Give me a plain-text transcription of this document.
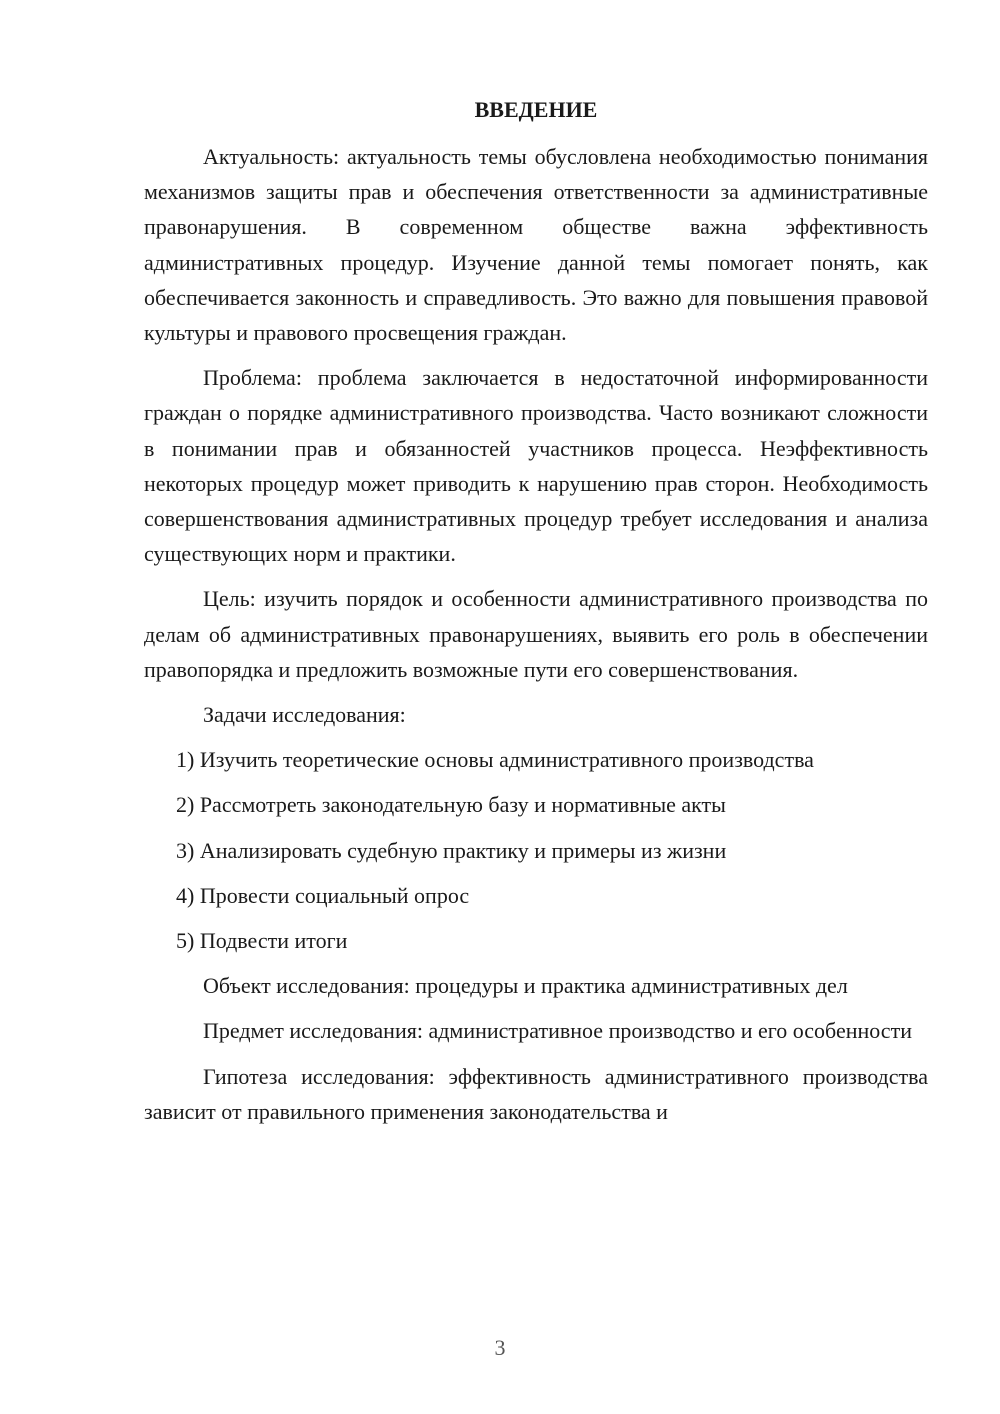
ВВЕДЕНИЕ

Актуальность: актуальность темы обусловлена необходимостью понимания механизмов защиты прав и обеспечения ответственности за административные правонарушения. В современном обществе важна эффективность административных процедур. Изучение данной темы помогает понять, как обеспечивается законность и справедливость. Это важно для повышения правовой культуры и правового просвещения граждан.

Проблема: проблема заключается в недостаточной информированности граждан о порядке административного производства. Часто возникают сложности в понимании прав и обязанностей участников процесса. Неэффективность некоторых процедур может приводить к нарушению прав сторон. Необходимость совершенствования административных процедур требует исследования и анализа существующих норм и практики.

Цель: изучить порядок и особенности административного производства по делам об административных правонарушениях, выявить его роль в обеспечении правопорядка и предложить возможные пути его совершенствования.

Задачи исследования:

1) Изучить теоретические основы административного производства
2) Рассмотреть законодательную базу и нормативные акты
3) Анализировать судебную практику и примеры из жизни
4) Провести социальный опрос
5) Подвести итоги

Объект исследования: процедуры и практика административных дел

Предмет исследования: административное производство и его особенности

Гипотеза исследования: эффективность административного производства зависит от правильного применения законодательства и

3
